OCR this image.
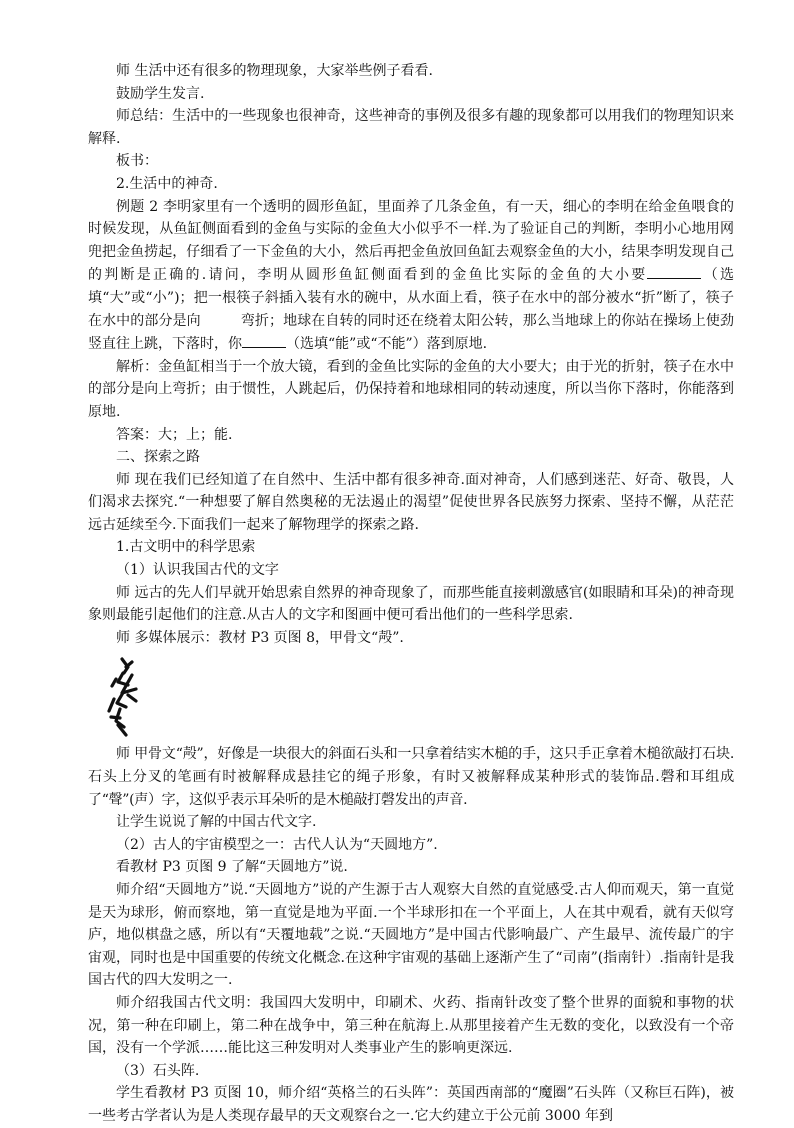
师 生活中还有很多的物理现象，大家举些例子看看.

鼓励学生发言.

师总结：生活中的一些现象也很神奇，这些神奇的事例及很多有趣的现象都可以用我们的物理知识来解释.

板书：

2.生活中的神奇.

例题 2 李明家里有一个透明的圆形鱼缸，里面养了几条金鱼，有一天，细心的李明在给金鱼喂食的时候发现，从鱼缸侧面看到的金鱼与实际的金鱼大小似乎不一样.为了验证自己的判断，李明小心地用网兜把金鱼捞起，仔细看了一下金鱼的大小，然后再把金鱼放回鱼缸去观察金鱼的大小，结果李明发现自己的判断是正确的.请问，李明从圆形鱼缸侧面看到的金鱼比实际的金鱼的大小要	（选填“大”或“小”)；把一根筷子斜插入装有水的碗中，从水面上看，筷子在水中的部分被水“折”断了，筷子在水中的部分是向	弯折；地球在自转的同时还在绕着太阳公转，那么当地球上的你站在操场上使劲竖直往上跳，下落时，你	（选填“能”或“不能”）落到原地.

解析：金鱼缸相当于一个放大镜，看到的金鱼比实际的金鱼的大小要大；由于光的折射，筷子在水中的部分是向上弯折；由于惯性，人跳起后，仍保持着和地球相同的转动速度，所以当你下落时，你能落到原地.

答案：大；上；能.

二、探索之路

师 现在我们已经知道了在自然中、生活中都有很多神奇.面对神奇，人们感到迷茫、好奇、敬畏，人们渴求去探究.“一种想要了解自然奥秘的无法遏止的渴望”促使世界各民族努力探索、坚持不懈，从茫茫远古延续至今.下面我们一起来了解物理学的探索之路.

1.古文明中的科学思索

（1）认识我国古代的文字

师 远古的先人们早就开始思索自然界的神奇现象了，而那些能直接刺激感官(如眼睛和耳朵)的神奇现象则最能引起他们的注意.从古人的文字和图画中便可看出他们的一些科学思索.

师 多媒体展示：教材 P3 页图 8，甲骨文“殸”.

师 甲骨文“殸”，好像是一块很大的斜面石头和一只拿着结实木槌的手，这只手正拿着木槌欲敲打石块.石头上分叉的笔画有时被解释成悬挂它的绳子形象，有时又被解释成某种形式的装饰品.磬和耳组成了“聲”(声）字，这似乎表示耳朵听的是木槌敲打磬发出的声音.

让学生说说了解的中国古代文字.

（2）古人的宇宙模型之一：古代人认为“天圆地方”.

看教材 P3 页图 9 了解“天圆地方”说.

师介绍“天圆地方”说.“天圆地方”说的产生源于古人观察大自然的直觉感受.古人仰而观天，第一直觉是天为球形，俯而察地，第一直觉是地为平面.一个半球形扣在一个平面上，人在其中观看，就有天似穹庐，地似棋盘之感，所以有“天覆地载”之说.“天圆地方”是中国古代影响最广、产生最早、流传最广的宇宙观，同时也是中国重要的传统文化概念.在这种宇宙观的基础上逐渐产生了“司南”(指南针）.指南针是我国古代的四大发明之一.

师介绍我国古代文明：我国四大发明中，印刷术、火药、指南针改变了整个世界的面貌和事物的状况，第一种在印刷上，第二种在战争中，第三种在航海上.从那里接着产生无数的变化，以致没有一个帝国，没有一个学派……能比这三种发明对人类事业产生的影响更深远.

（3）石头阵.

学生看教材 P3 页图 10，师介绍“英格兰的石头阵”：英国西南部的“魔圈”石头阵（又称巨石阵)，被一些考古学者认为是人类现存最早的天文观察台之一.它大约建立于公元前 3000 年到
